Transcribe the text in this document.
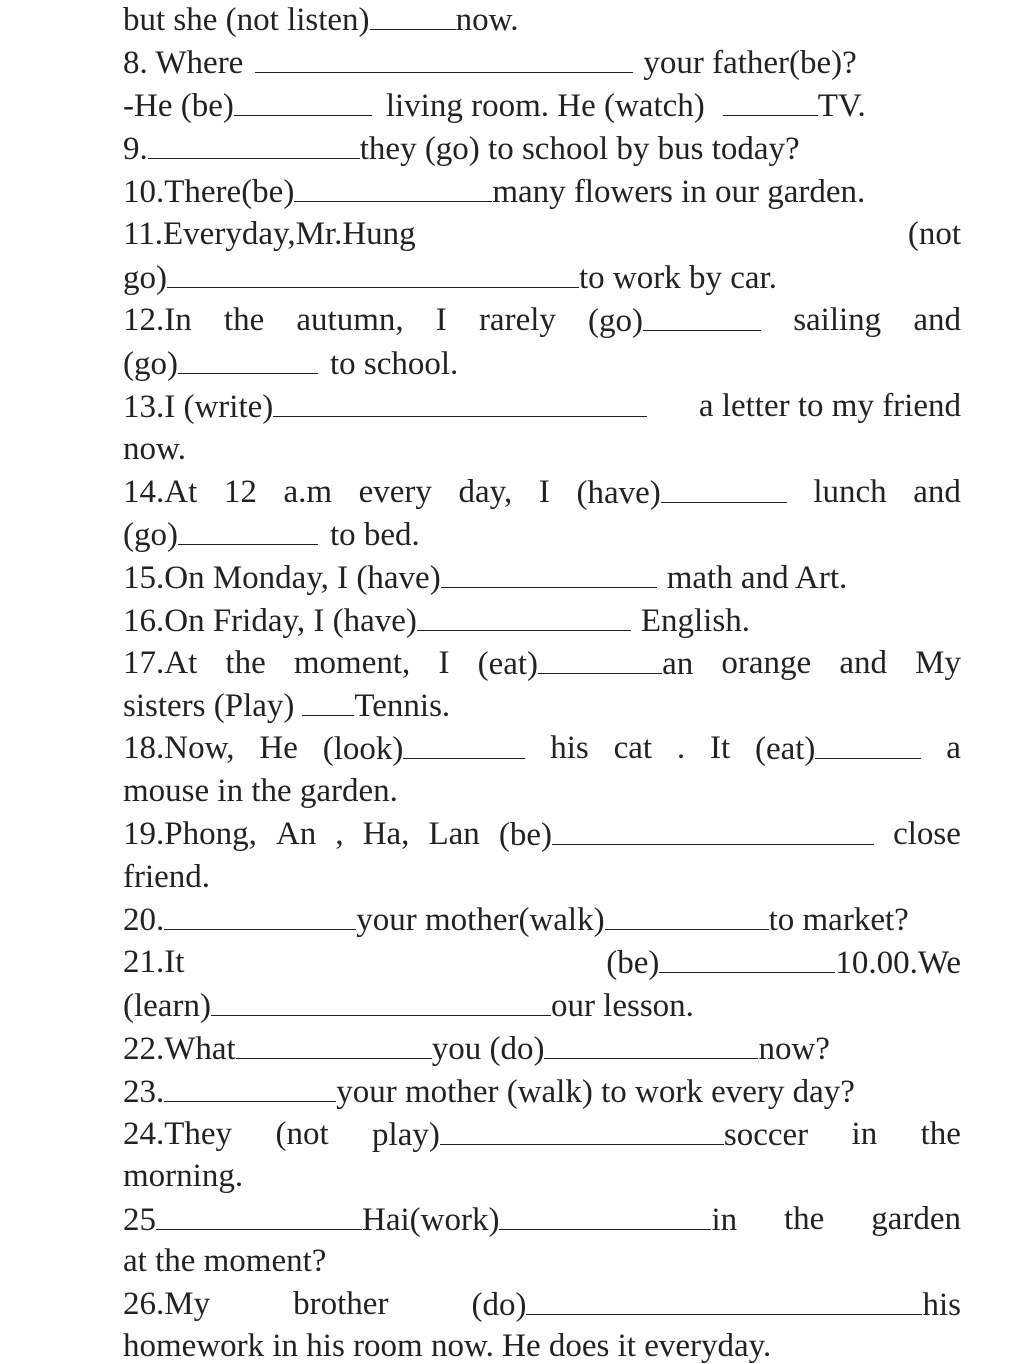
but she (not listen)	now.
8. Where	your father(be)?
-He (be)	living room. He (watch)	TV.
9.	they (go) to school by bus today?
10.There(be)	many flowers in our garden.
11.Everyday,Mr.Hung	(not
go)	to work by car.
12.In the autumn, I rarely (go)	sailing and
(go)	to school.
13.I (write)	a letter to my friend
now.
14.At 12 a.m every day, I (have)	lunch and
(go)	to bed.
15.On Monday, I (have)	math and Art.
16.On Friday, I (have)	English.
17.At the moment, I (eat)	an orange and My
sisters (Play) Tennis.
18.Now, He (look)	his cat . It (eat)	a
mouse in the garden.
19.Phong, An , Ha, Lan (be)	close
friend.
20.	your mother(walk)	to market?
21.It	(be)	10.00.We
(learn)	our lesson.
22.What	you (do)	now?
23.	your mother (walk) to work every day?
24.They (not play)	soccer in the
morning.
25	Hai(work)	in the garden
at the moment?
26.My	brother	(do)	his
homework in his room now. He does it everyday.
